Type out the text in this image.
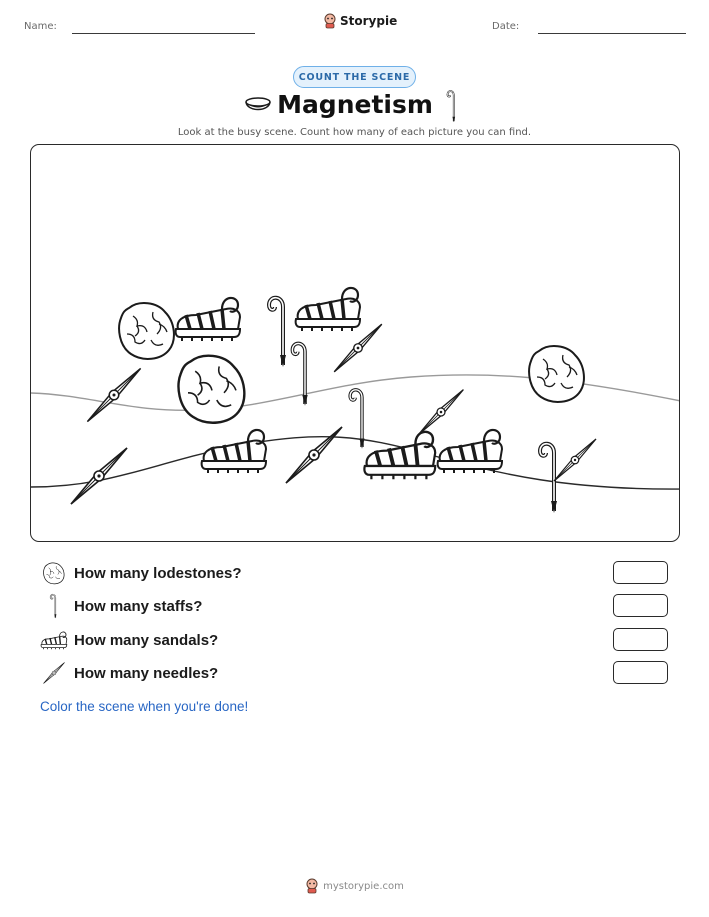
Name:	Storypie	Date:
COUNT THE SCENE
Magnetism
Look at the busy scene. Count how many of each picture you can find.
How many lodestones?
How many staffs?
How many sandals?
How many needles?
Color the scene when you're done!
mystorypie.com
